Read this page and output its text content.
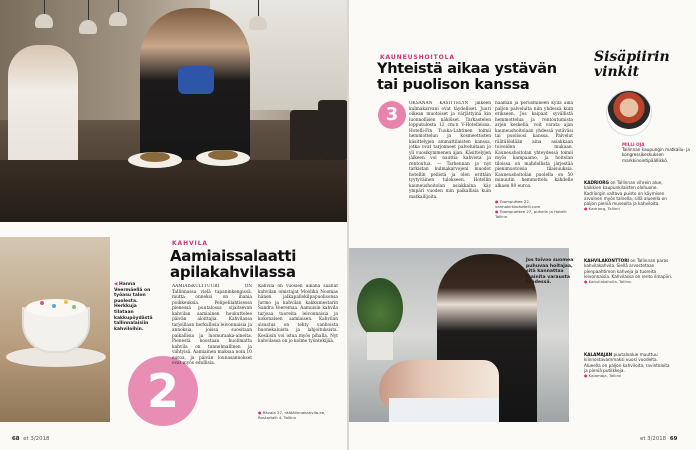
KAUNEUSHOITOLA
Yhteistä aikaa ystävän
tai puolison kanssa
3
OKSANAN KÄSITTELYN jälkeen kulmakarvani ovat täydelliset. Juuri oikean muotoiset ja värjättyinä kin luonnollisen näköiset. Tarkastelen lopputulosta 12 cm:n V-Hotelleissa. Hotelli-Fin Tuuka-Lahtinen toimii hemmottelun ja kosmeettisten käsittelyjen ammattilaisten kanssa, jotka ovat tarjonneet palveluitaan jo yli vuosikymmenen ajan. Käsittelyjen jälkeen voi nauttia kahvista ja rentoutua. — Tarkennan ja nyt tarkistan kulmakarvojeni muodot hotellin peilistä ja olen erittäin tyytyväinen tulokseen. Hotellin kauneushoitolan asiakkaina käy ympäri vuoden niin paikallisia kuin matkailijoita.
naaman ja perusmineen kyllä aika paljon palveluita niin yhdessä kuin erikseen. Jos kaipaat syvällistä hemmottelua ja rentoutumista arjen keskellä, voit varata ajan kauneushoitolaan yhdessä ystäväsi tai puolisosi kanssa. Palvelut räätälöidään aina asiakkaan toiveiden mukaan. Kauneushoitolan yhteydessä toimii myös kampaamo, ja hoitolan tiloissa on mahdollista järjestää pienimuotoisia tilaisuuksia. Kauneushoitolan puolella on 50 minuutin hemmottelu kahdelle alkaen 80 euroa.
● Toomputtee 22, vanhakirkkohotelli.com
● Toompuettee 27, puhelin ja Hotelli Tallinn
◀ Hanna Veermäellä on työasu talon puolesta. Herkkuja tilataan kakkupöydästä tallinnalaisiin kahviloihin.
KAHVILA
Aamiaissalaatti
apilakahvilassa
2
AAMIAISKULTTUURI ON Tallinnassa vielä tapaninkengissä, mutta onneksi on ihania poikkeuksia. Pelipelilahtisessa pienessä puutalossa sijaitsevan kahvilan aamiainen houkuttelee päivän aloittajia. Kahvilassa tarjoillaan herkullisia leivonnaisia ja annoksia, joissa suositaan paikallisia ja luomuraaka-aineita. Pienestä koostaan huolimatta kahvila on tunnelmallinen ja viihtyisä. Aamiainen maksaa noin 10 euroa, ja päivän lounasannokset ovat myös edullisia.
Kahvila on vuosien aikana saanut kahvilan omistajat Moolika Noomas hänen jalkapallokilpapuolisonsa Jarmo ja kahvilan kakkumestarin Sandra Veeremaa. Aamuisin kahvila tarjoaa tuoreita leivonnaisia ja kokonaisen aamiaisen. Kahvilan sisustus on tehty vanhoista huonekaluista ja lahjoituksista. Kesäisin voi istua myös pihalla. Nyt kahvilassa on jo kolme työntekijää.
● Rävala 57, räätälinnakahvila.ee, Rostartalli 4, Tallinn
Jos toivoo suomea puhuvaa hoitajaa, sitä kannattaa mainita varausta tehdessä.
Sisäpiirin
vinkit
MILLI OJA
Tallinnan kaupungin matkailu- ja kongressikeskuksen markkinointipäällikkö.
KADRIORG on Tallinnan vihrein alue, kaikkien kaupunkilaisten olohuone. Kadriorgin valtava puisto on käymisen arvoinen myös talvella, sillä alueella on paljon pieniä museoita ja kahviloita.
● Kadriorg, Tallinn
KAHVILAKONTTORI on Tallinnan paras kahvilakahvila. Siellä arvostetaan pienpaahtimon kahveja ja tuoreita leivonnaisia. Kahvilassa on rento ilmapiiri.
● Kahvilakahvila, Tallinn
KALAMAJAN puutaloalue muuttuu kiinnostavammaksi vuosi vuodelta. Alueella on paljon kahviloita, ravintoloita ja pieniä putiikkeja.
● Kalamaja, Tallinn
68 et 3/2018	et 3/2018 69
